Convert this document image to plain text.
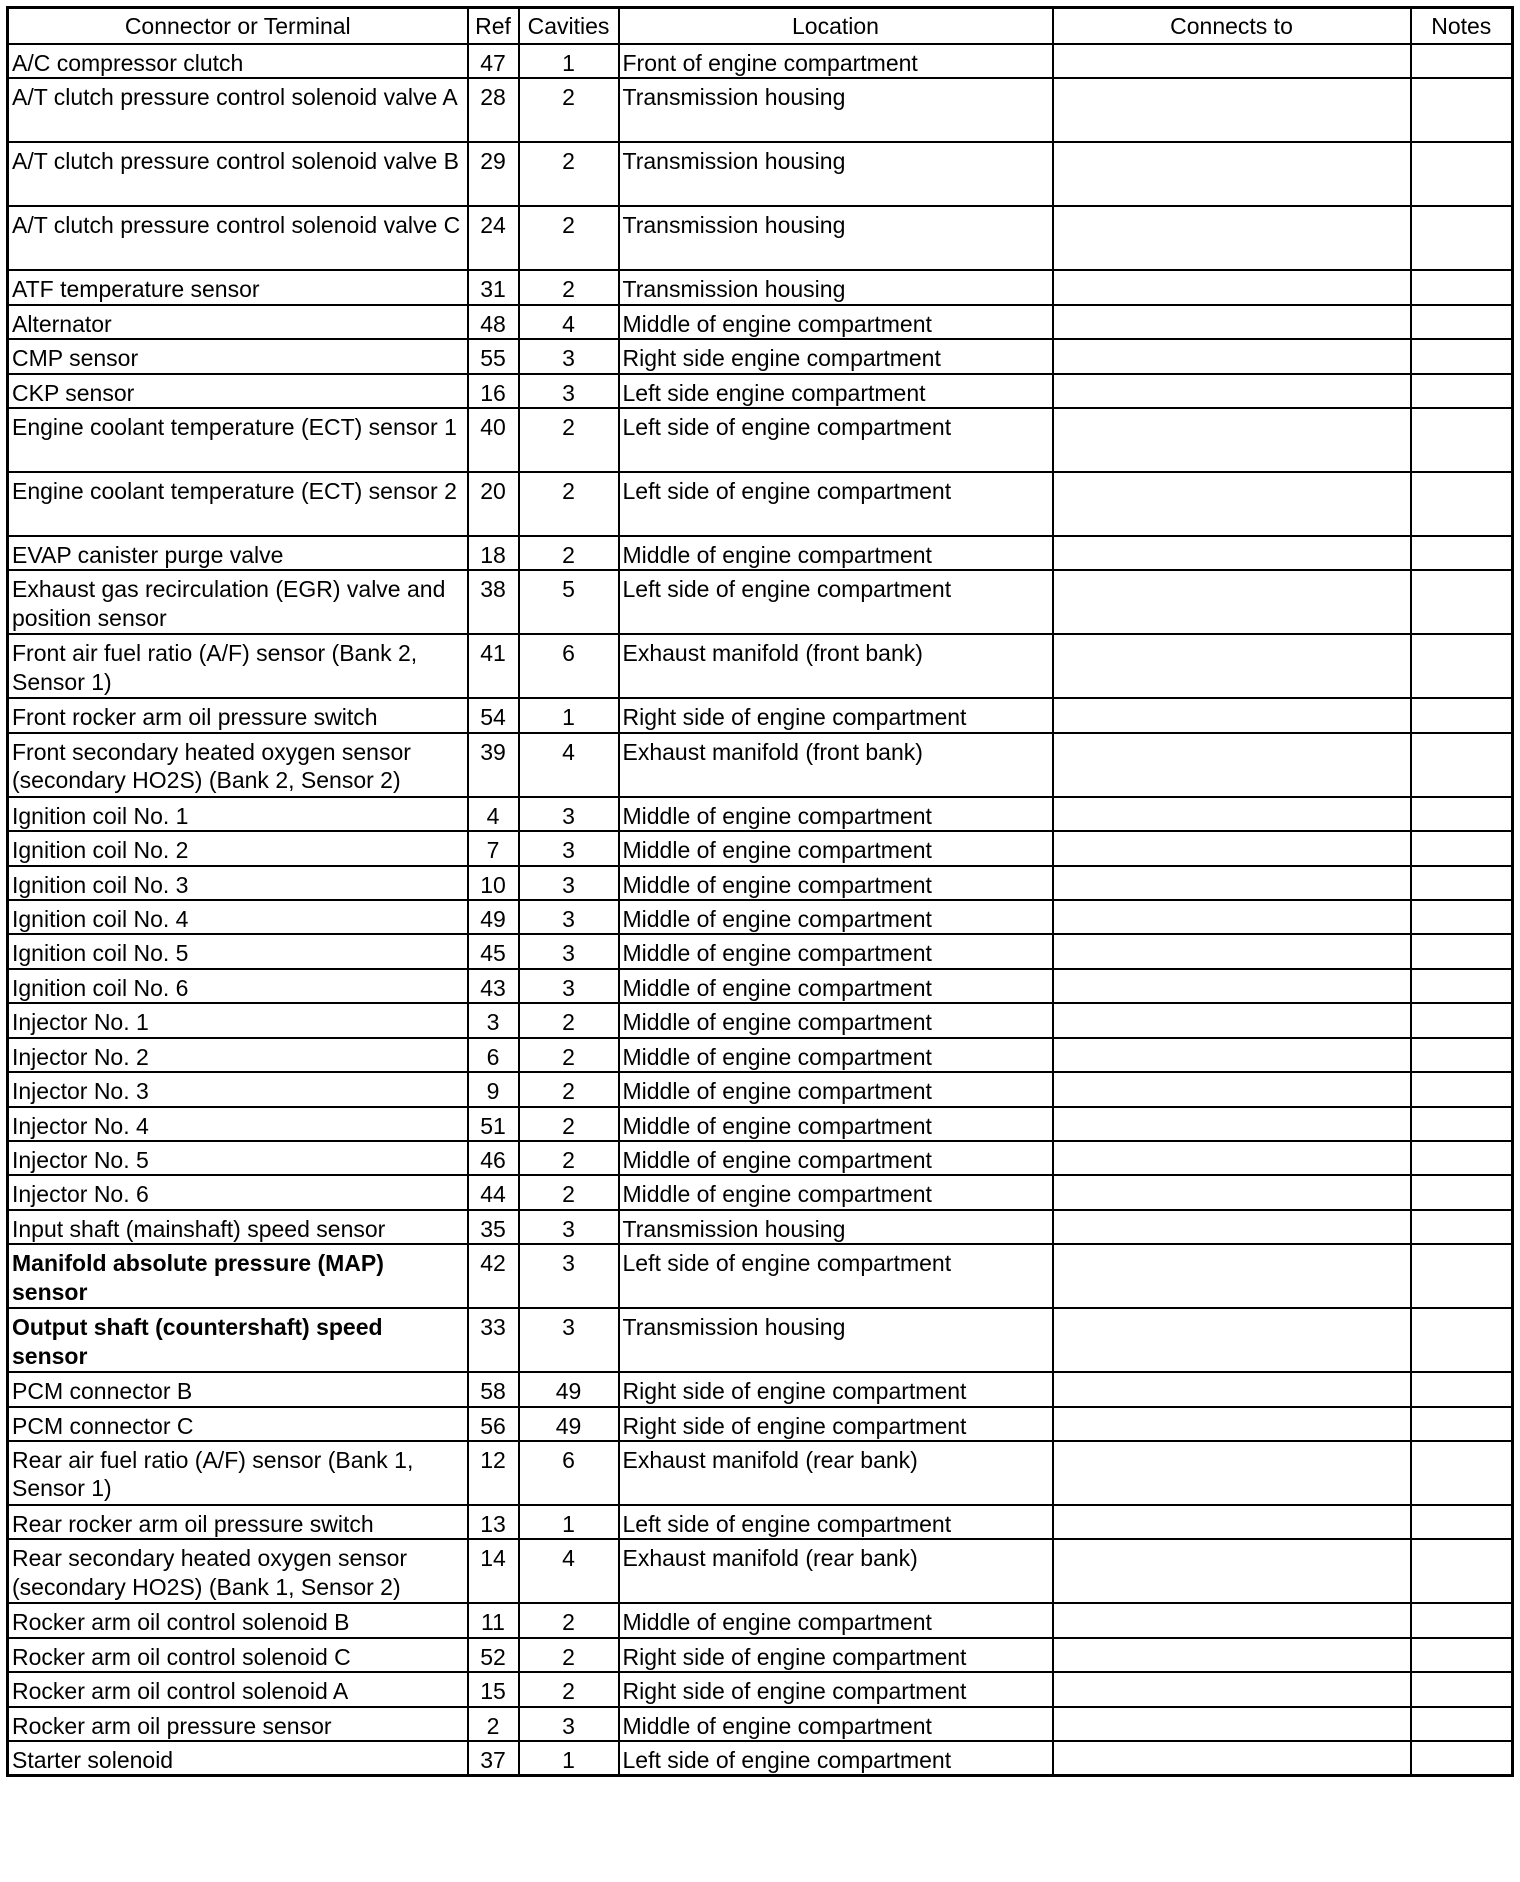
Connector or Terminal	Ref	Cavities	Location	Connects to	Notes
A/C compressor clutch	47	1	Front of engine compartment		
A/T clutch pressure control solenoid valve A	28	2	Transmission housing		
A/T clutch pressure control solenoid valve B	29	2	Transmission housing		
A/T clutch pressure control solenoid valve C	24	2	Transmission housing		
ATF temperature sensor	31	2	Transmission housing		
Alternator	48	4	Middle of engine compartment		
CMP sensor	55	3	Right side engine compartment		
CKP sensor	16	3	Left side engine compartment		
Engine coolant temperature (ECT) sensor 1	40	2	Left side of engine compartment		
Engine coolant temperature (ECT) sensor 2	20	2	Left side of engine compartment		
EVAP canister purge valve	18	2	Middle of engine compartment		
Exhaust gas recirculation (EGR) valve and position sensor	38	5	Left side of engine compartment		
Front air fuel ratio (A/F) sensor (Bank 2, Sensor 1)	41	6	Exhaust manifold (front bank)		
Front rocker arm oil pressure switch	54	1	Right side of engine compartment		
Front secondary heated oxygen sensor (secondary HO2S) (Bank 2, Sensor 2)	39	4	Exhaust manifold (front bank)		
Ignition coil No. 1	4	3	Middle of engine compartment		
Ignition coil No. 2	7	3	Middle of engine compartment		
Ignition coil No. 3	10	3	Middle of engine compartment		
Ignition coil No. 4	49	3	Middle of engine compartment		
Ignition coil No. 5	45	3	Middle of engine compartment		
Ignition coil No. 6	43	3	Middle of engine compartment		
Injector No. 1	3	2	Middle of engine compartment		
Injector No. 2	6	2	Middle of engine compartment		
Injector No. 3	9	2	Middle of engine compartment		
Injector No. 4	51	2	Middle of engine compartment		
Injector No. 5	46	2	Middle of engine compartment		
Injector No. 6	44	2	Middle of engine compartment		
Input shaft (mainshaft) speed sensor	35	3	Transmission housing		
Manifold absolute pressure (MAP) sensor	42	3	Left side of engine compartment		
Output shaft (countershaft) speed sensor	33	3	Transmission housing		
PCM connector B	58	49	Right side of engine compartment		
PCM connector C	56	49	Right side of engine compartment		
Rear air fuel ratio (A/F) sensor (Bank 1, Sensor 1)	12	6	Exhaust manifold (rear bank)		
Rear rocker arm oil pressure switch	13	1	Left side of engine compartment		
Rear secondary heated oxygen sensor (secondary HO2S) (Bank 1, Sensor 2)	14	4	Exhaust manifold (rear bank)		
Rocker arm oil control solenoid B	11	2	Middle of engine compartment		
Rocker arm oil control solenoid C	52	2	Right side of engine compartment		
Rocker arm oil control solenoid A	15	2	Right side of engine compartment		
Rocker arm oil pressure sensor	2	3	Middle of engine compartment		
Starter solenoid	37	1	Left side of engine compartment		
